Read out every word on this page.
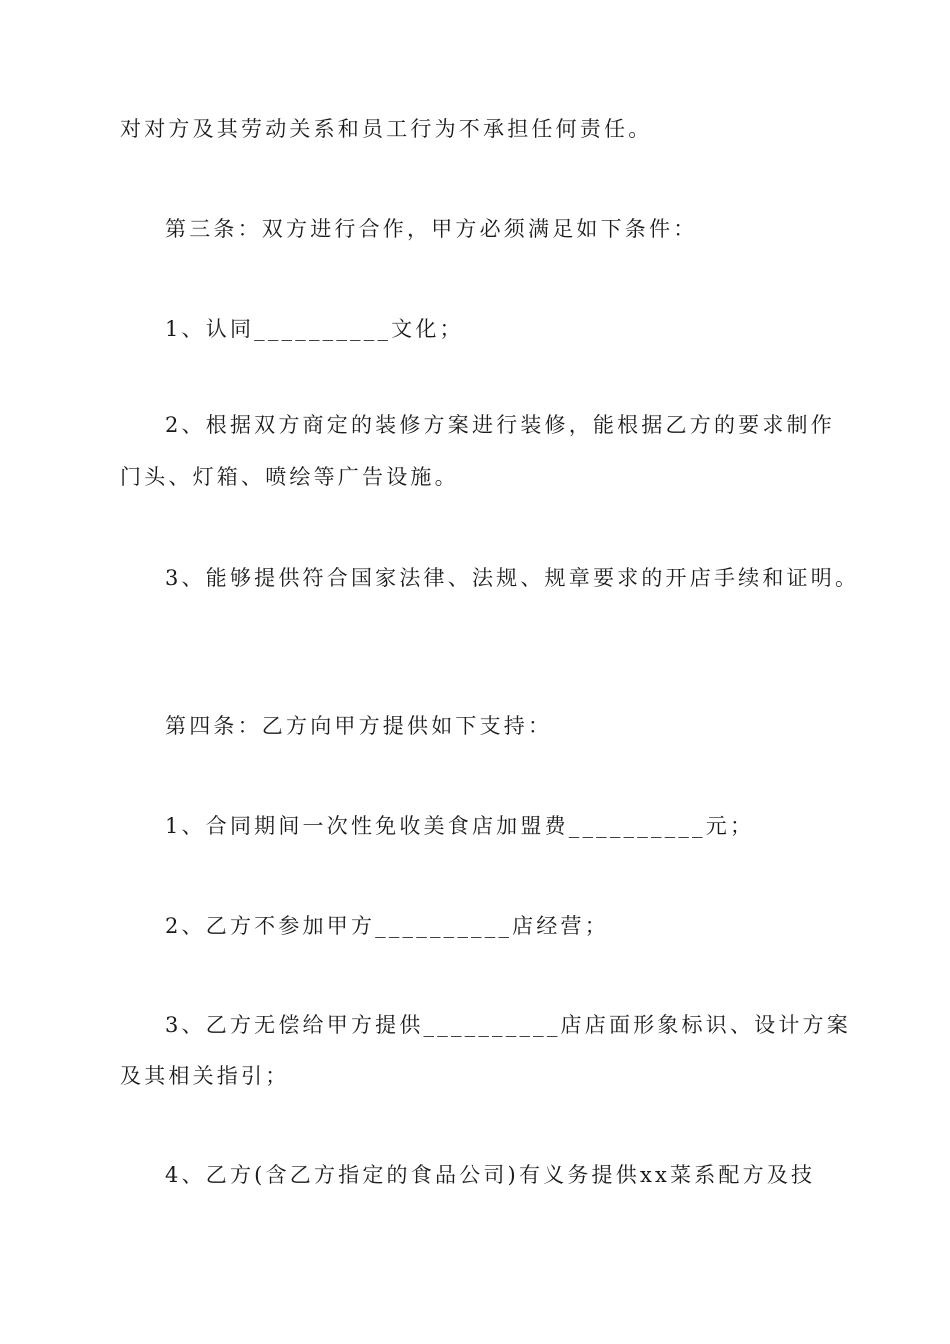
对对方及其劳动关系和员工行为不承担任何责任。
第三条：双方进行合作，甲方必须满足如下条件：
1、认同__________文化；
2、根据双方商定的装修方案进行装修，能根据乙方的要求制作
门头、灯箱、喷绘等广告设施。
3、能够提供符合国家法律、法规、规章要求的开店手续和证明。
第四条：乙方向甲方提供如下支持：
1、合同期间一次性免收美食店加盟费__________元；
2、乙方不参加甲方__________店经营；
3、乙方无偿给甲方提供__________店店面形象标识、设计方案
及其相关指引；
4、乙方(含乙方指定的食品公司)有义务提供xx菜系配方及技
